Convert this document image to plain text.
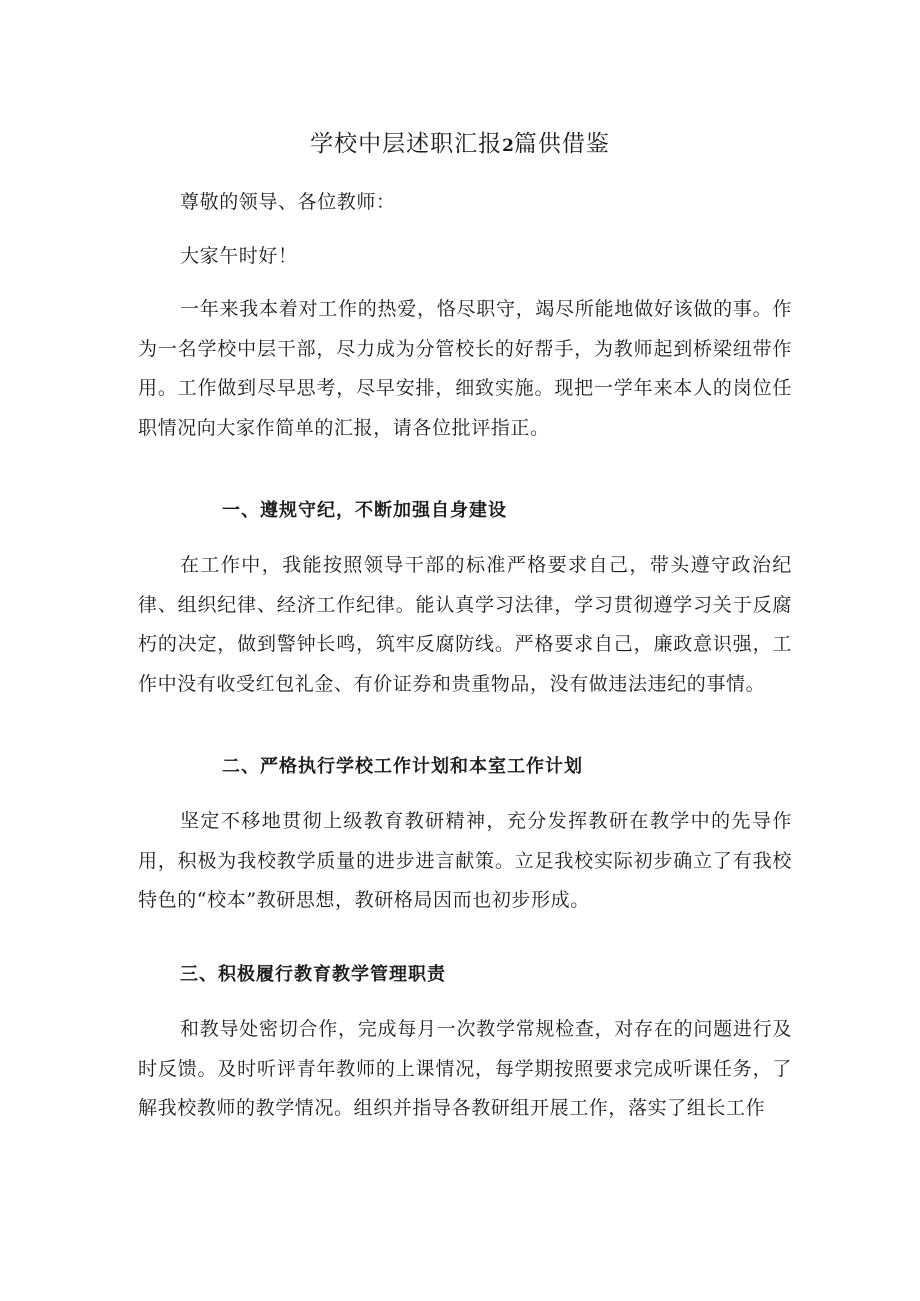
学校中层述职汇报2篇供借鉴

尊敬的领导、各位教师：

大家午时好！

一年来我本着对工作的热爱，恪尽职守，竭尽所能地做好该做的事。作为一名学校中层干部，尽力成为分管校长的好帮手，为教师起到桥梁纽带作用。工作做到尽早思考，尽早安排，细致实施。现把一学年来本人的岗位任职情况向大家作简单的汇报，请各位批评指正。

一、遵规守纪，不断加强自身建设

在工作中，我能按照领导干部的标准严格要求自己，带头遵守政治纪律、组织纪律、经济工作纪律。能认真学习法律，学习贯彻遵学习关于反腐朽的决定，做到警钟长鸣，筑牢反腐防线。严格要求自己，廉政意识强，工作中没有收受红包礼金、有价证券和贵重物品，没有做违法违纪的事情。

二、严格执行学校工作计划和本室工作计划

坚定不移地贯彻上级教育教研精神，充分发挥教研在教学中的先导作用，积极为我校教学质量的进步进言献策。立足我校实际初步确立了有我校特色的“校本”教研思想，教研格局因而也初步形成。

三、积极履行教育教学管理职责

和教导处密切合作，完成每月一次教学常规检查，对存在的问题进行及时反馈。及时听评青年教师的上课情况，每学期按照要求完成听课任务，了解我校教师的教学情况。组织并指导各教研组开展工作，落实了组长工作
